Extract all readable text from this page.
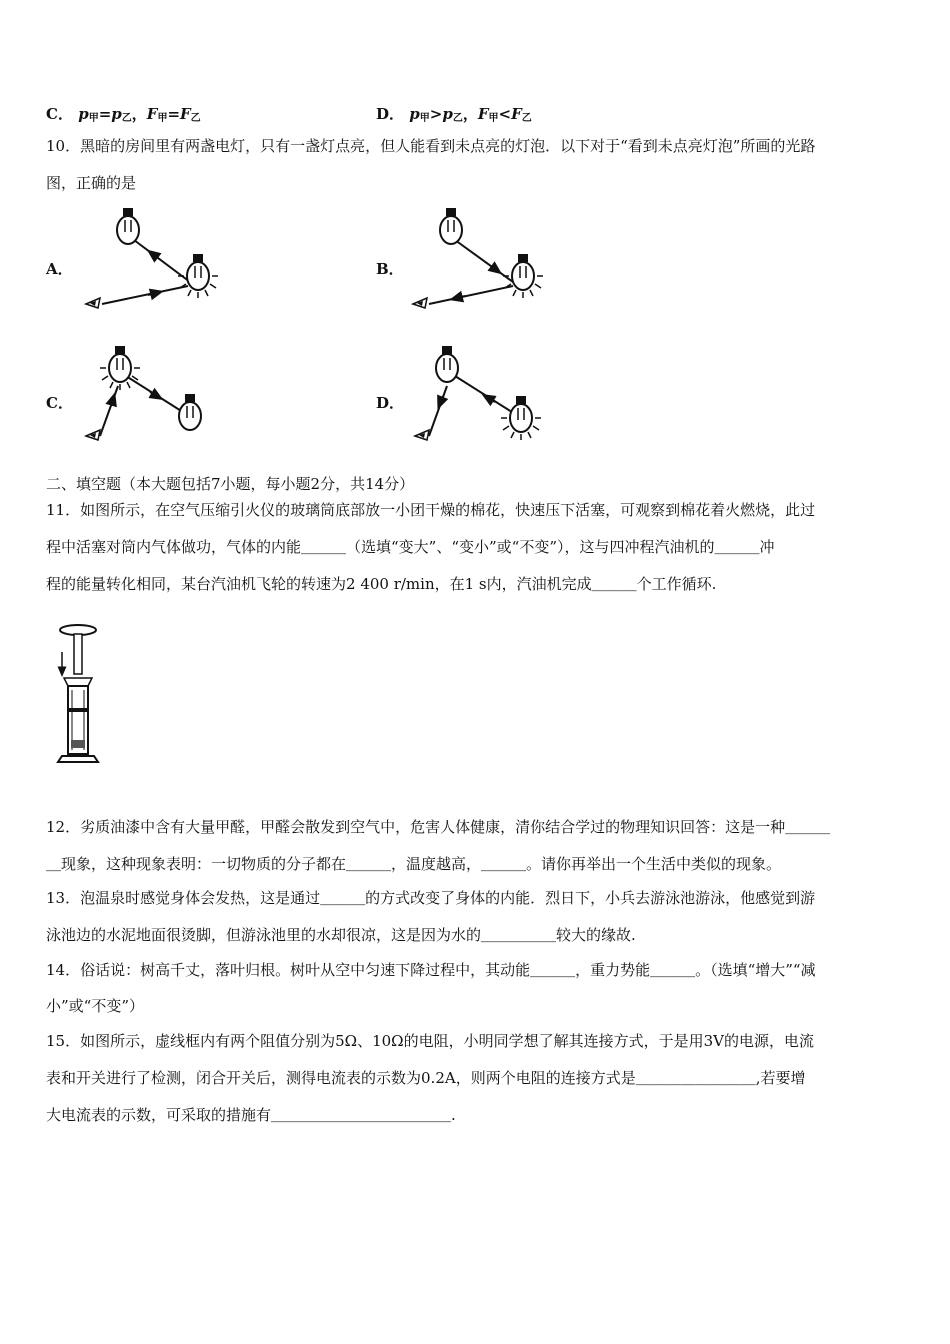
C． $p_甲=p_乙$，$F_甲=F_乙$	D． $p_甲>p_乙$，$F_甲<F_乙$
10．黑暗的房间里有两盏电灯，只有一盏灯点亮，但人能看到未点亮的灯泡．以下对于“看到未点亮灯泡”所画的光路
图，正确的是
A．	B．
C．	D．
二、填空题（本大题包括7小题，每小题2分，共14分）
11．如图所示，在空气压缩引火仪的玻璃筒底部放一小团干燥的棉花，快速压下活塞，可观察到棉花着火燃烧，此过
程中活塞对筒内气体做功，气体的内能＿＿＿（选填“变大”、“变小”或“不变”），这与四冲程汽油机的＿＿＿冲
程的能量转化相同，某台汽油机飞轮的转速为2 400 r/min，在1 s内，汽油机完成＿＿＿个工作循环.
12．劣质油漆中含有大量甲醛，甲醛会散发到空气中，危害人体健康，清你结合学过的物理知识回答：这是一种＿＿＿
＿现象，这种现象表明：一切物质的分子都在＿＿＿，温度越高，＿＿＿。请你再举出一个生活中类似的现象。
13．泡温泉时感觉身体会发热，这是通过＿＿＿的方式改变了身体的内能．烈日下，小兵去游泳池游泳，他感觉到游
泳池边的水泥地面很烫脚，但游泳池里的水却很凉，这是因为水的＿＿＿＿＿较大的缘故.
14．俗话说：树高千丈，落叶归根。树叶从空中匀速下降过程中，其动能＿＿＿，重力势能＿＿＿。（选填“增大”“减
小”或“不变”）
15．如图所示，虚线框内有两个阻值分别为5Ω、10Ω的电阻，小明同学想了解其连接方式，于是用3V的电源，电流
表和开关进行了检测，闭合开关后，测得电流表的示数为0.2A，则两个电阻的连接方式是＿＿＿＿＿＿＿＿,若要增
大电流表的示数，可采取的措施有＿＿＿＿＿＿＿＿＿＿＿＿.
